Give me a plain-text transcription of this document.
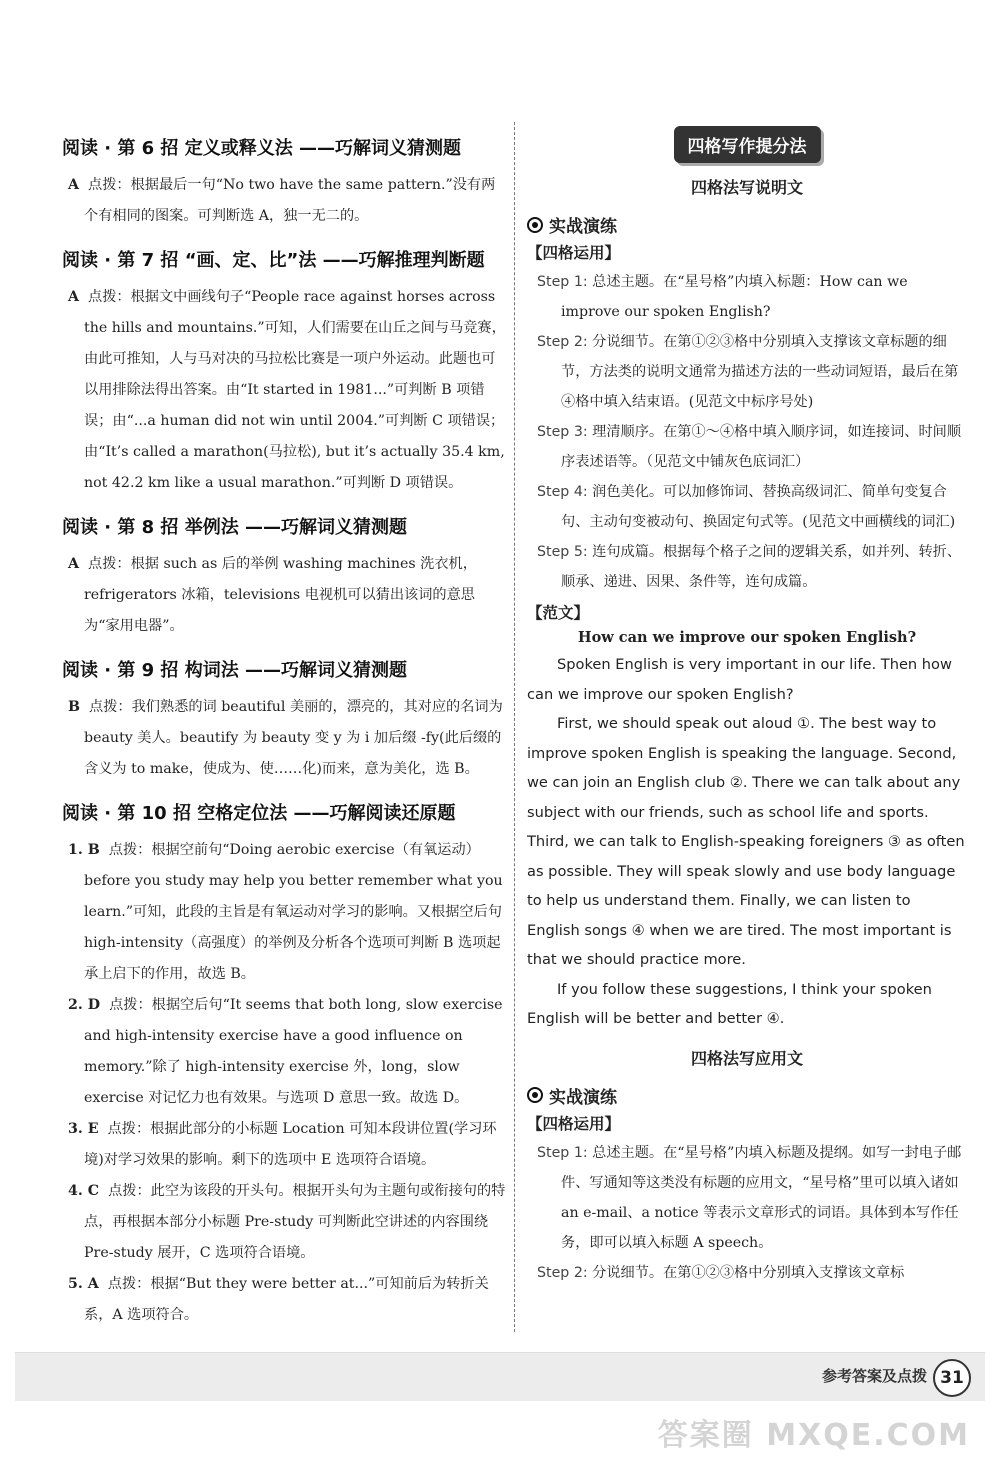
阅读 · 第 6 招 定义或释义法 ——巧解词义猜测题

A 点拨：根据最后一句“No two have the same pattern.”没有两个有相同的图案。可判断选 A，独一无二的。

阅读 · 第 7 招 “画、定、比”法 ——巧解推理判断题

A 点拨：根据文中画线句子“People race against horses across the hills and mountains.”可知，人们需要在山丘之间与马竞赛，由此可推知，人与马对决的马拉松比赛是一项户外运动。此题也可以用排除法得出答案。由“It started in 1981...”可判断 B 项错误；由“...a human did not win until 2004.”可判断 C 项错误；由“It’s called a marathon(马拉松), but it’s actually 35.4 km, not 42.2 km like a usual marathon.”可判断 D 项错误。

阅读 · 第 8 招 举例法 ——巧解词义猜测题

A 点拨：根据 such as 后的举例 washing machines 洗衣机，refrigerators 冰箱，televisions 电视机可以猜出该词的意思为“家用电器”。

阅读 · 第 9 招 构词法 ——巧解词义猜测题

B 点拨：我们熟悉的词 beautiful 美丽的，漂亮的，其对应的名词为 beauty 美人。beautify 为 beauty 变 y 为 i 加后缀 -fy(此后缀的含义为 to make，使成为、使……化)而来，意为美化，选 B。

阅读 · 第 10 招 空格定位法 ——巧解阅读还原题

1. B 点拨：根据空前句“Doing aerobic exercise（有氧运动）before you study may help you better remember what you learn.”可知，此段的主旨是有氧运动对学习的影响。又根据空后句 high-intensity（高强度）的举例及分析各个选项可判断 B 选项起承上启下的作用，故选 B。

2. D 点拨：根据空后句“It seems that both long, slow exercise and high-intensity exercise have a good influence on memory.”除了 high-intensity exercise 外，long，slow exercise 对记忆力也有效果。与选项 D 意思一致。故选 D。

3. E 点拨：根据此部分的小标题 Location 可知本段讲位置(学习环境)对学习效果的影响。剩下的选项中 E 选项符合语境。

4. C 点拨：此空为该段的开头句。根据开头句为主题句或衔接句的特点，再根据本部分小标题 Pre-study 可判断此空讲述的内容围绕 Pre-study 展开，C 选项符合语境。

5. A 点拨：根据“But they were better at...”可知前后为转折关系，A 选项符合。

四格写作提分法
四格法写说明文
实战演练
【四格运用】

Step 1: 总述主题。在“星号格”内填入标题：How can we improve our spoken English?

Step 2: 分说细节。在第①②③格中分别填入支撑该文章标题的细节，方法类的说明文通常为描述方法的一些动词短语，最后在第④格中填入结束语。(见范文中标序号处)

Step 3: 理清顺序。在第①～④格中填入顺序词，如连接词、时间顺序表述语等。（见范文中铺灰色底词汇）

Step 4: 润色美化。可以加修饰词、替换高级词汇、简单句变复合句、主动句变被动句、换固定句式等。(见范文中画横线的词汇)

Step 5: 连句成篇。根据每个格子之间的逻辑关系，如并列、转折、顺承、递进、因果、条件等，连句成篇。

【范文】
How can we improve our spoken English?

Spoken English is very important in our life. Then how can we improve our spoken English?

First, we should speak out aloud ①. The best way to improve spoken English is speaking the language. Second, we can join an English club ②. There we can talk about any subject with our friends, such as school life and sports. Third, we can talk to English-speaking foreigners ③ as often as possible. They will speak slowly and use body language to help us understand them. Finally, we can listen to English songs ④ when we are tired. The most important is that we should practice more.

If you follow these suggestions, I think your spoken English will be better and better ④.

四格法写应用文
实战演练
【四格运用】

Step 1: 总述主题。在“星号格”内填入标题及提纲。如写一封电子邮件、写通知等这类没有标题的应用文，“星号格”里可以填入诸如 an e-mail、a notice 等表示文章形式的词语。具体到本写作任务，即可以填入标题 A speech。

Step 2: 分说细节。在第①②③格中分别填入支撑该文章标

参考答案及点拨 31
答案圈 MXQE.COM
